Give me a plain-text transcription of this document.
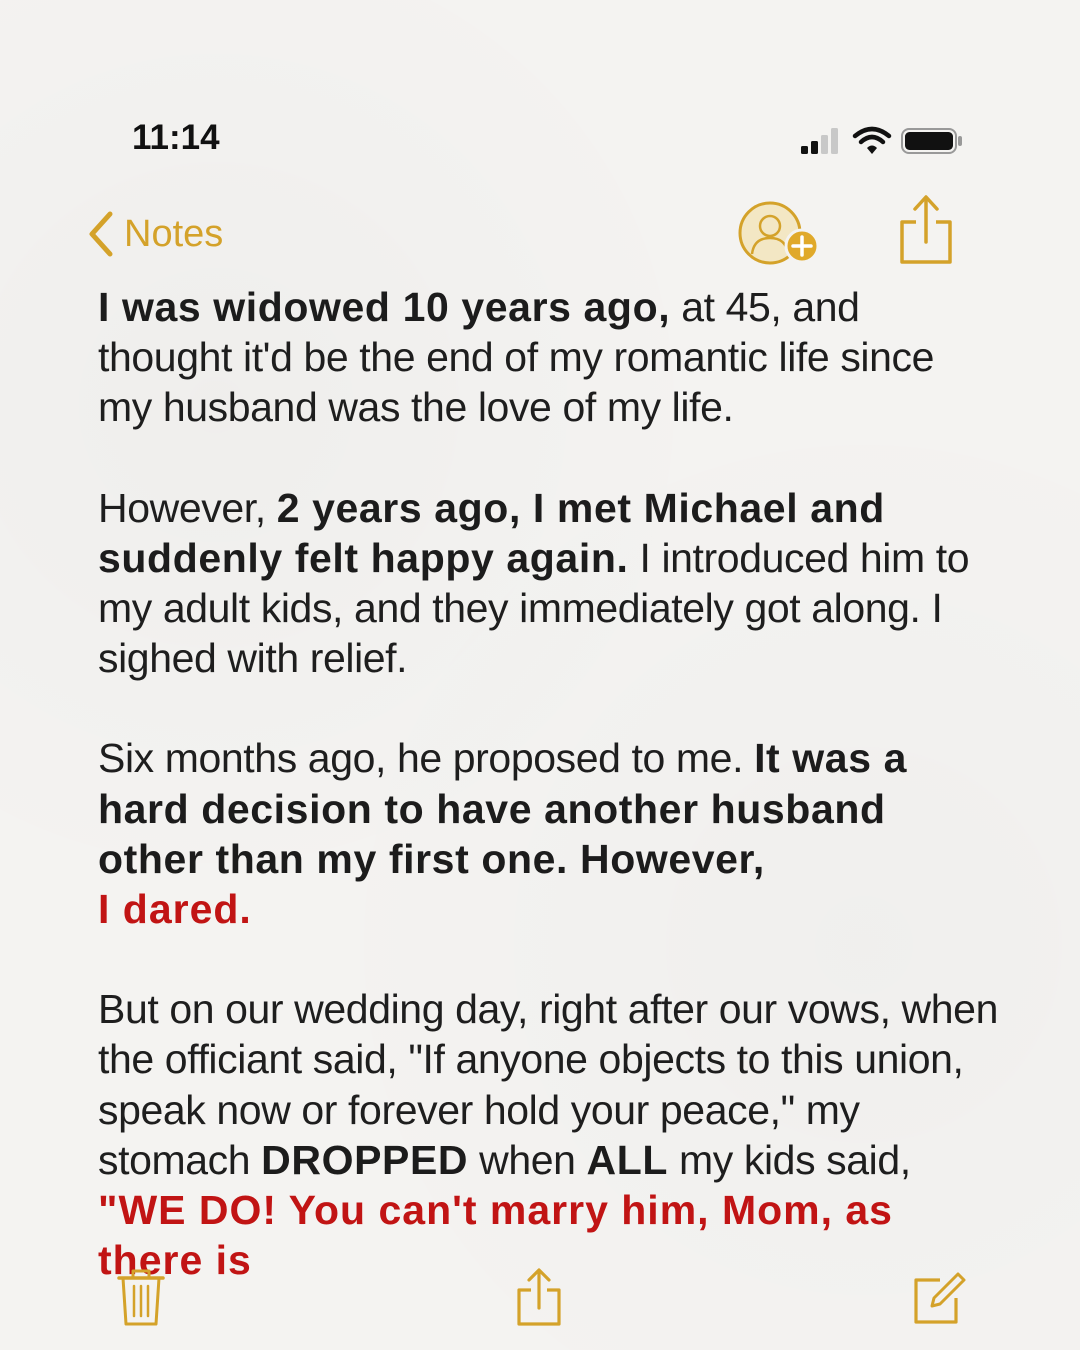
11:14
Notes

I was widowed 10 years ago, at 45, and thought it'd be the end of my romantic life since my husband was the love of my life.

However, 2 years ago, I met Michael and suddenly felt happy again. I introduced him to my adult kids, and they immediately got along. I sighed with relief.

Six months ago, he proposed to me. It was a hard decision to have another husband other than my first one. However,
I dared.

But on our wedding day, right after our vows, when the officiant said, "If anyone objects to this union, speak now or forever hold your peace," my stomach DROPPED when ALL my kids said, "WE DO! You can't marry him, Mom, as there is
